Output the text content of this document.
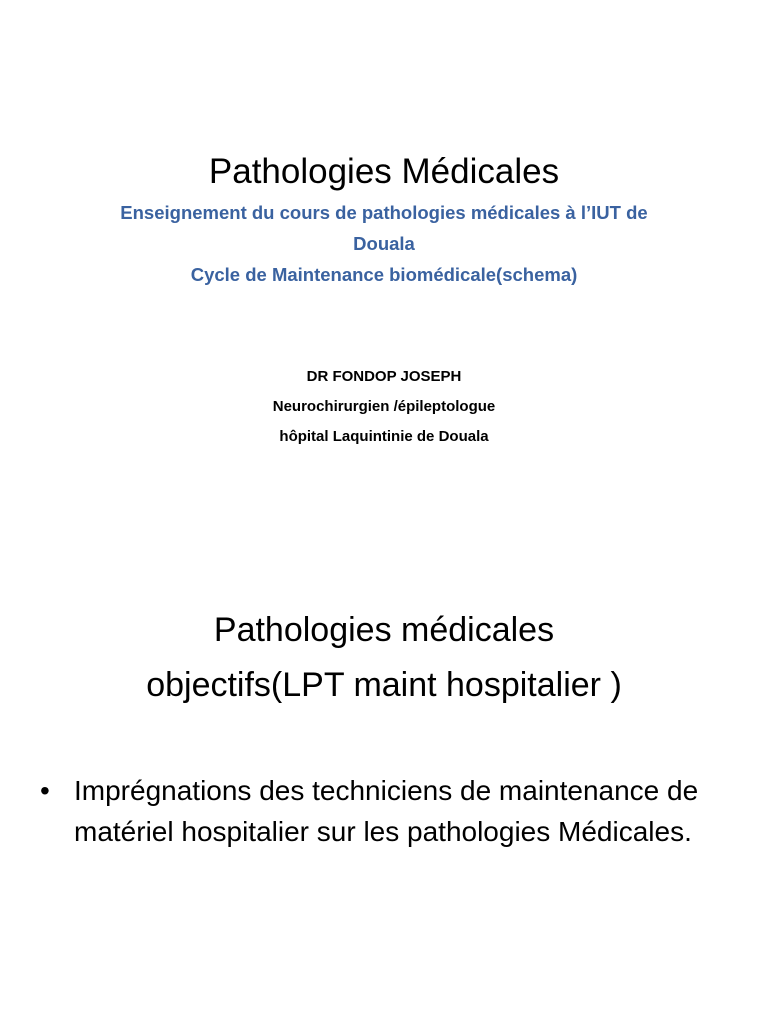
Pathologies Médicales
Enseignement du cours de pathologies médicales à l’IUT de
Douala
Cycle de Maintenance biomédicale(schema)
DR FONDOP JOSEPH
Neurochirurgien /épileptologue
hôpital Laquintinie de Douala
Pathologies médicales
objectifs(LPT maint hospitalier )
• Imprégnations des techniciens de maintenance de matériel hospitalier sur les pathologies Médicales.
